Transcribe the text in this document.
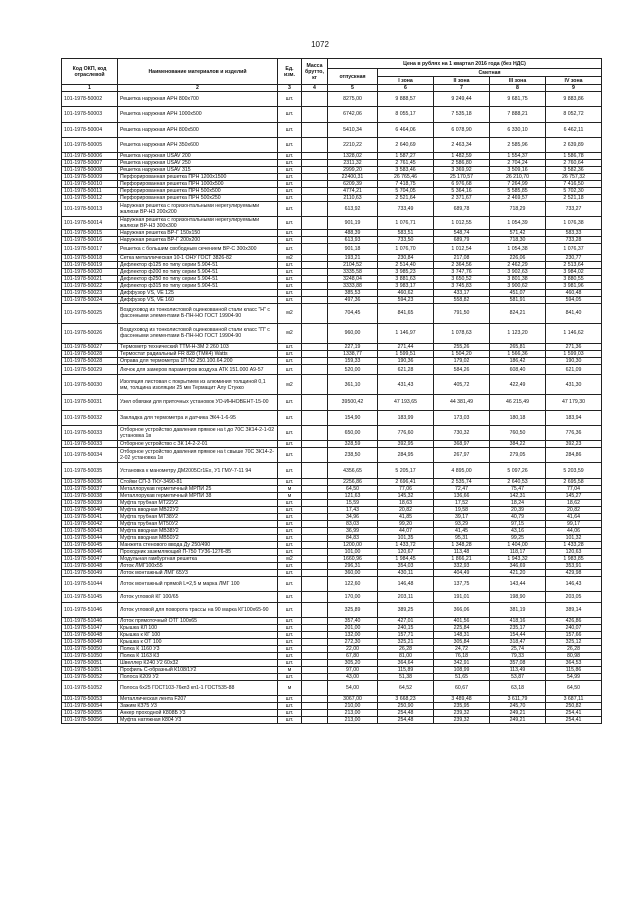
1072
Код ОКП, код отраслевой	Наименование материалов и изделий	Ед. изм.	Масса брутто, кг	Цена в рублях на 1 квартал 2016 года (без НДС)				
				отпускная	Сметная			
					I зона	II зона	III зона	IV зона
1	2	3	4	5	6	7	8	9
101-1978-50002	Решетка наружная АРН 800х700	шт.		8275,00	9 888,57	9 249,44	9 681,75	9 883,86
101-1978-50003	Решетка наружная АРН 1000х500	шт.		6742,06	8 055,17	7 535,18	7 888,21	8 052,72
101-1978-50004	Решетка наружная АРН 800х500	шт.		5410,34	6 464,06	6 078,90	6 330,10	6 462,11
101-1978-50005	Решетка наружная АРН 350х600	шт.		2210,22	2 640,69	2 463,34	2 585,96	2 639,89
101-1978-50006	Решетка наружная USAV 200	шт.		1328,02	1 587,27	1 482,59	1 554,37	1 586,78
101-1978-50007	Решетка наружная USAV 250	шт.		2311,32	2 761,45	2 586,80	2 704,24	2 760,64
101-1978-50008	Решетка наружная USAV 315	шт.		2999,20	3 583,46	3 369,92	3 509,16	3 582,36
101-1978-50009	Перфорированная решетка ПРН 1200х1500	шт.		22400,31	26 765,46	25 170,57	26 210,70	26 757,32
101-1978-50010	Перфорированная решетка ПРН 1000х500	шт.		6209,39	7 418,75	6 976,68	7 264,99	7 416,50
101-1978-50011	Перфорированная решетка ПРН 500х500	шт.		4774,21	5 704,05	5 364,16	5 585,85	5 702,30
101-1978-50012	Перфорированная решетка ПРН 500х250	шт.		2110,63	2 521,64	2 371,67	2 469,57	2 521,18
101-1978-50013	Наружная решетка с горизонтальными нерегулируемыми жалюзи ВР-Н3 200х200	шт.		613,92	733,49	689,78	718,29	733,27
101-1978-50014	Наружная решетка с горизонтальными нерегулируемыми жалюзи ВР-Н3 300х300	шт.		901,19	1 076,71	1 012,55	1 054,39	1 076,38
101-1978-50015	Наружная решетка ВР-Г 150х150	шт.		488,39	583,51	548,74	571,42	583,33
101-1978-50016	Наружная решетка ВР-Г 200х200	шт.		613,93	733,50	689,79	718,30	733,28
101-1978-50017	Решетка с большим свободным сечением ВР-С 300х300	шт.		901,18	1 076,70	1 012,54	1 054,38	1 076,37
101-1978-50018	Сетка металлическая 10-1 ОНУ ГОСТ 3826-82	м2		193,21	230,84	217,08	226,06	230,77
101-1978-50019	Дефлектор ф125 по типу серии 5.904-51	шт.		2104,52	2 514,40	2 364,56	2 462,29	2 513,64
101-1978-50020	Дефлектор ф200 по типу серии 5.904-51	шт.		3335,58	3 985,23	3 747,76	3 902,63	3 984,02
101-1978-50021	Дефлектор ф250 по типу серии 5.904-51	шт.		3248,04	3 881,63	3 650,52	3 801,38	3 880,55
101-1978-50022	Дефлектор ф315 по типу серии 5.904-51	шт.		3333,88	3 983,17	3 745,83	3 900,62	3 981,96
101-1978-50023	Диффузор VS, VE 125	шт.		385,53	460,62	433,17	451,07	460,48
101-1978-50024	Диффузор VS, VE 160	шт.		497,36	594,23	558,82	581,91	594,05
101-1978-50025	Воздуховод из тонколистовой оцинкованной стали класс "Н" с фасонными элементами Б-ПН-НО ГОСТ 19904-90	м2		704,45	841,65	791,50	824,21	841,40
101-1978-50026	Воздуховод из тонколистовой оцинкованной стали класс "П" с фасонными элементами Б-ПН-НО ГОСТ 19904-90	м2		960,00	1 146,97	1 078,63	1 123,20	1 146,62
101-1978-50027	Термометр технический ТТМ-Н-3М 2 260 103	шт.		227,19	271,44	255,26	265,81	271,36
101-1978-50028	Термостат радиальный FR 828 (ТМК4) Watts	шт.		1338,77	1 599,51	1 504,20	1 566,36	1 599,03
101-1978-50028	Оправа для термометра 1П N2 250.100.64.200	шт.		159,33	190,36	179,02	186,42	190,30
101-1978-50029	Лючок для замеров параметров воздуха АТК 151.000 А9-57	шт.		520,00	621,28	584,26	608,40	621,09
101-1978-50030	Изоляция листовая с покрытием из алюминия толщиной 0,1 мм, толщина изоляции 25 мм Термацит Алу Стукко	м2		361,10	431,43	405,72	422,49	431,30
101-1978-50031	Узел обвязки для приточных установок УО-ИННОВЕНТ-15-00	шт.		39500,42	47 193,65	44 381,49	46 215,49	47 179,30
101-1978-50032	Закладка для термометра и датчика ЭК4-1-6-95	шт.		154,90	183,99	173,03	180,18	183,94
101-1978-50033	Отборное устройство давления прямое на t до 70С ЗК14-2-1-02 установка 1в	шт.		650,00	776,60	730,32	760,50	776,36
101-1978-50033	Отборное устройство с ЗК 14-2-2-01	шт.		328,59	392,95	368,97	384,22	392,23
101-1978-50034	Отборное устройство давления прямое на t свыше 70С ЗК14-2-2-02 установка 1в	шт.		238,50	284,95	267,97	279,05	284,86
101-1978-50035	Установка к манометру ДМ2005Сг1Ех, У1 ГМУ-7-11 94	шт.		4356,65	5 205,17	4 895,00	5 097,26	5 203,59
101-1978-50036	Стойки СП-3 ТКУ-3490-81	шт.		2256,86	2 696,41	2 535,74	2 640,53	2 695,58
101-1978-50037	Металлорукав герметичный МРПИ 25	м		64,50	77,06	72,47	75,47	77,04
101-1978-50038	Металлорукав герметичный МРПИ 38	м		121,63	145,32	136,66	142,31	145,27
101-1978-50039	Муфта трубная МТ22У2	шт.		15,59	18,63	17,52	18,24	18,62
101-1978-50040	Муфта вводная МВ22У2	шт.		17,43	20,82	19,58	20,39	20,82
101-1978-50041	Муфта трубная МТ38У2	шт.		34,96	41,85	39,17	40,79	41,64
101-1978-50042	Муфта трубная МТ50У2	шт.		83,03	99,20	93,29	97,15	99,17
101-1978-50043	Муфта вводная МВ38У2	шт.		36,99	44,07	41,45	43,16	44,06
101-1978-50044	Муфта вводная МВ50У2	шт.		84,83	101,35	95,31	99,25	101,32
101-1978-50045	Манжета стенового ввода Ду 250/490	шт.		1200,00	1 433,72	1 348,28	1 404,00	1 433,28
101-1978-50046	Проходник заземляющий П-750 ТУ36-1276-85	шт.		101,00	120,67	113,48	118,17	120,63
101-1978-50047	Модульная гамбургная решетка	м2		1660,96	1 984,45	1 866,21	1 943,32	1 983,85
101-1978-50048	Лоток ЛМГ100х55	шт.		296,31	354,03	332,93	346,69	353,91
101-1978-50049	Лоток монтажный ЛМГ 65У3	шт.		360,00	430,11	404,49	421,20	429,98
101-1978-51044	Лоток монтажный прямой L=2,5 м марка ЛМГ 100	шт.		122,60	146,48	137,75	143,44	146,43
101-1978-51045	Лоток угловой КГ 100/65	шт.		170,00	203,11	191,01	198,90	203,05
101-1978-51046	Лоток угловой для поворота трассы на 90 марка КГ100х65-90	шт.		325,89	389,25	366,06	381,19	389,14
101-1978-51046	Лоток прямоточный ОТГ 100х65	шт.		357,40	427,01	401,56	418,16	426,86
101-1978-51047	Крышка КЛ 100	шт.		201,00	240,15	225,84	235,17	240,07
101-1978-50048	Крышка к КГ 100	шт.		132,00	157,71	148,31	154,44	157,66
101-1978-50049	Крышка к ОТ 100	шт.		272,30	325,21	305,84	318,47	325,12
101-1978-50050	Полка К 1160 У3	шт.		22,00	26,28	24,72	25,74	26,28
101-1978-51050	Полка К 1163 К3	шт.		67,80	81,00	76,18	79,33	80,98
101-1978-50051	Швеллер К240 У2 60х32	шт.		305,20	364,64	342,91	357,08	364,53
101-1978-51051	Профиль С-образный К108/1У2	м		97,00	115,89	108,99	113,49	115,86
101-1978-50052	Полоса К209 У2	шт.		43,00	51,38	51,65	53,87	54,99
101-1978-51052	Полоса 6х25 ГОСТ103-76кп3 кп1-1 ГОСТ535-88	м		54,00	64,52	60,67	63,18	64,50
101-1978-50053	Металлическая лента F207	шт.		3067,00	3 668,23	3 489,48	3 611,79	3 687,11
101-1978-50054	Зажим КЗ75 У3	шт.		210,00	250,90	235,95	245,70	250,82
101-1978-50055	Анкер проходной К808Б У3	шт.		213,00	254,48	239,32	249,21	254,41
101-1978-50056	Муфта натяжная К804 У3	шт.		213,00	254,48	239,32	249,21	254,41
